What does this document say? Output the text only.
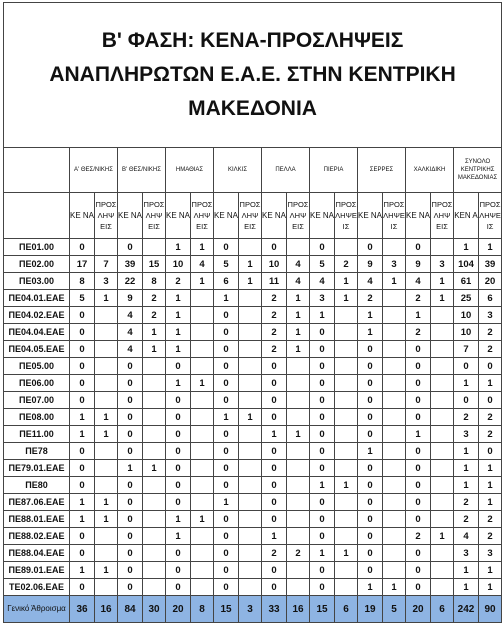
Β' ΦΑΣΗ: ΚΕΝΑ-ΠΡΟΣΛΗΨΕΙΣ
ΑΝΑΠΛΗΡΩΤΩΝ Ε.Α.Ε. ΣΤΗΝ ΚΕΝΤΡΙΚΗ
ΜΑΚΕΔΟΝΙΑ																		

	Α' ΘΕΣ/ΝΙΚΗΣ		Β' ΘΕΣ/ΝΙΚΗΣ		ΗΜΑΘΙΑΣ		ΚΙΛΚΙΣ		ΠΕΛΛΑ		ΠΙΕΡΙΑ		ΣΕΡΡΕΣ		ΧΑΛΚΙΔΙΚΗ		ΣΥΝΟΛΟ ΚΕΝΤΡΙΚΗΣ ΜΑΚΕΔΟΝΙΑΣ	
	ΚΕ ΝΑ	ΠΡΟΣ ΛΗΨ ΕΙΣ	ΚΕ ΝΑ	ΠΡΟΣ ΛΗΨ ΕΙΣ	ΚΕ ΝΑ	ΠΡΟΣ ΛΗΨ ΕΙΣ	ΚΕ ΝΑ	ΠΡΟΣ ΛΗΨ ΕΙΣ	ΚΕ ΝΑ	ΠΡΟΣ ΛΗΨ ΕΙΣ	ΚΕ ΝΑ	ΠΡΟΣ ΛΗΨΕ ΙΣ	ΚΕ ΝΑ	ΠΡΟΣ ΛΗΨΕ ΙΣ	ΚΕ ΝΑ	ΠΡΟΣ ΛΗΨ ΕΙΣ	ΚΕΝ Α	ΠΡΟΣ ΛΗΨΕ ΙΣ
ΠΕ01.00	0		0		1	1	0		0		0		0		0		1	1
ΠΕ02.00	17	7	39	15	10	4	5	1	10	4	5	2	9	3	9	3	104	39
ΠΕ03.00	8	3	22	8	2	1	6	1	11	4	4	1	4	1	4	1	61	20
ΠΕ04.01.ΕΑΕ	5	1	9	2	1		1		2	1	3	1	2		2	1	25	6
ΠΕ04.02.ΕΑΕ	0		4	2	1		0		2	1	1		1		1		10	3
ΠΕ04.04.ΕΑΕ	0		4	1	1		0		2	1	0		1		2		10	2
ΠΕ04.05.ΕΑΕ	0		4	1	1		0		2	1	0		0		0		7	2
ΠΕ05.00	0		0		0		0		0		0		0		0		0	0
ΠΕ06.00	0		0		1	1	0		0		0		0		0		1	1
ΠΕ07.00	0		0		0		0		0		0		0		0		0	0
ΠΕ08.00	1	1	0		0		1	1	0		0		0		0		2	2
ΠΕ11.00	1	1	0		0		0		1	1	0		0		1		3	2
ΠΕ78	0		0		0		0		0		0		1		0		1	0
ΠΕ79.01.ΕΑΕ	0		1	1	0		0		0		0		0		0		1	1
ΠΕ80	0		0		0		0		0		1	1	0		0		1	1
ΠΕ87.06.ΕΑΕ	1	1	0		0		1		0		0		0		0		2	1
ΠΕ88.01.ΕΑΕ	1	1	0		1	1	0		0		0		0		0		2	2
ΠΕ88.02.ΕΑΕ	0		0		1		0		1		0		0		2	1	4	2
ΠΕ88.04.ΕΑΕ	0		0		0		0		2	2	1	1	0		0		3	3
ΠΕ89.01.ΕΑΕ	1	1	0		0		0		0		0		0		0		1	1
ΤΕ02.06.ΕΑΕ	0		0		0		0		0		0		1	1	0		1	1
Γενικό Άθροισμα	36	16	84	30	20	8	15	3	33	16	15	6	19	5	20	6	242	90
